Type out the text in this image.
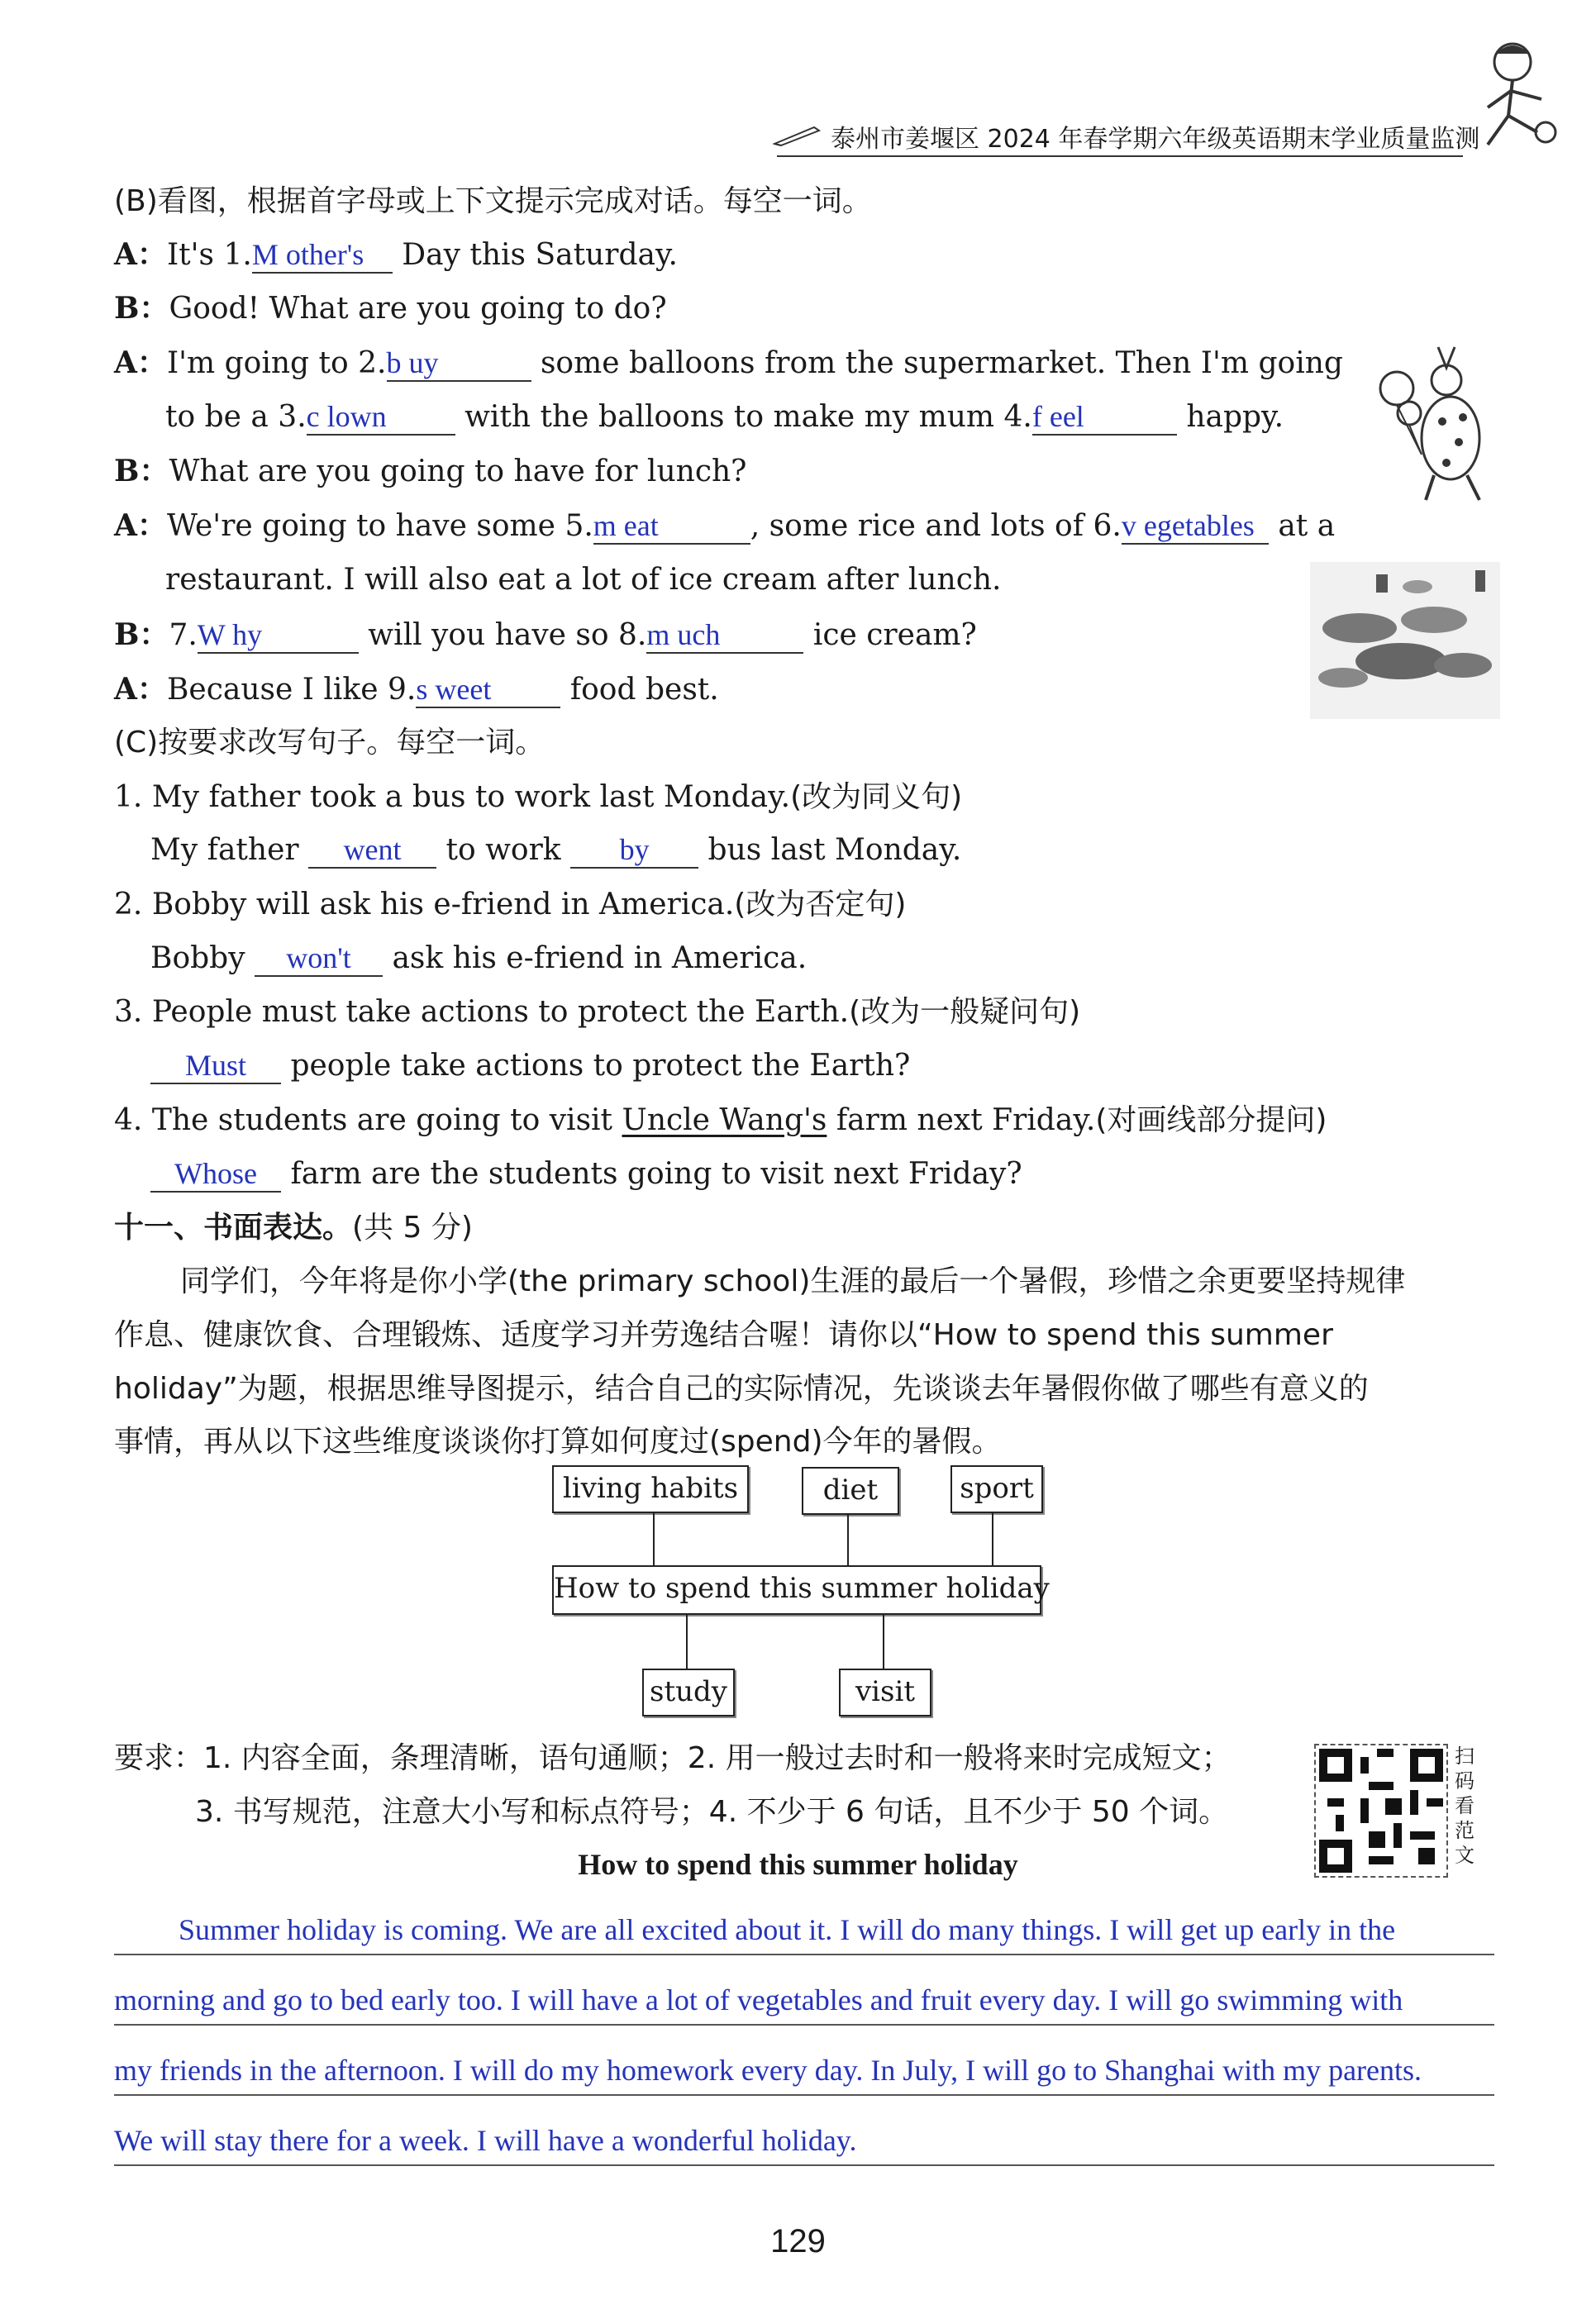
泰州市姜堰区 2024 年春学期六年级英语期末学业质量监测
(B)看图，根据首字母或上下文提示完成对话。每空一词。
A：It's 1.M other's Day this Saturday.
B：Good! What are you going to do?
A：I'm going to 2.b uy	some balloons from the supermarket. Then I'm going
to be a 3.c lown	with the balloons to make my mum 4.f eel	happy.
B：What are you going to have for lunch?
A：We're going to have some 5.m eat	, some rice and lots of 6.v egetables at a
restaurant. I will also eat a lot of ice cream after lunch.
B：7.W hy	will you have so 8.m uch	ice cream?
A：Because I like 9.s weet	food best.
(C)按要求改写句子。每空一词。
1. My father took a bus to work last Monday.(改为同义句)
My father went to work by bus last Monday.
2. Bobby will ask his e-friend in America.(改为否定句)
Bobby won't ask his e-friend in America.
3. People must take actions to protect the Earth.(改为一般疑问句)
Must people take actions to protect the Earth?
4. The students are going to visit Uncle Wang's farm next Friday.(对画线部分提问)
Whose farm are the students going to visit next Friday?
十一、书面表达。(共 5 分)
同学们，今年将是你小学(the primary school)生涯的最后一个暑假，珍惜之余更要坚持规律
作息、健康饮食、合理锻炼、适度学习并劳逸结合喔！请你以“How to spend this summer
holiday”为题，根据思维导图提示，结合自己的实际情况，先谈谈去年暑假你做了哪些有意义的
事情，再从以下这些维度谈谈你打算如何度过(spend)今年的暑假。
living habits	diet	sport
How to spend this summer holiday
study	visit
要求：1. 内容全面，条理清晰，语句通顺；2. 用一般过去时和一般将来时完成短文；
3. 书写规范，注意大小写和标点符号；4. 不少于 6 句话，且不少于 50 个词。
扫码看范文
How to spend this summer holiday
Summer holiday is coming. We are all excited about it. I will do many things. I will get up early in the
morning and go to bed early too. I will have a lot of vegetables and fruit every day. I will go swimming with
my friends in the afternoon. I will do my homework every day. In July, I will go to Shanghai with my parents.
We will stay there for a week. I will have a wonderful holiday.
129
